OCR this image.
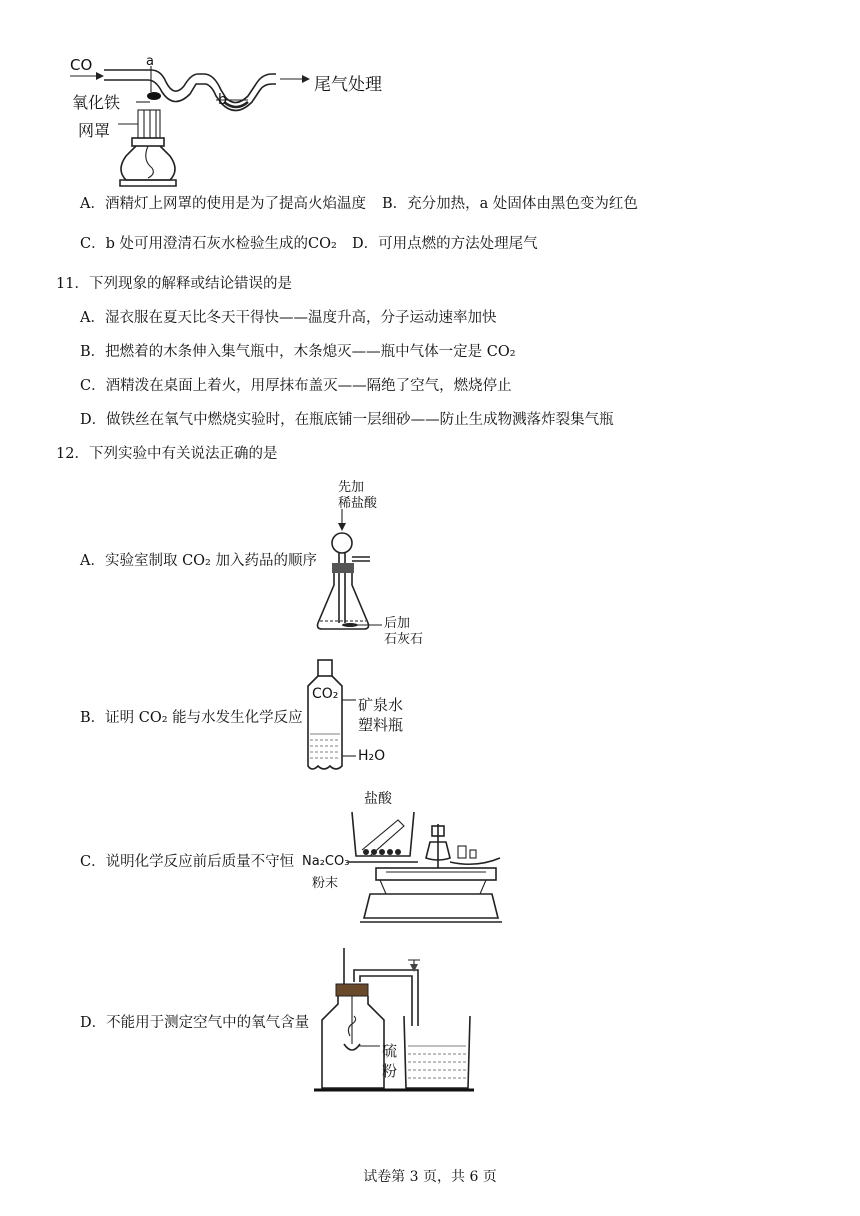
CO	a
b
尾气处理
氧化铁
网罩
A．酒精灯上网罩的使用是为了提高火焰温度 B．充分加热，a 处固体由黑色变为红色
C．b 处可用澄清石灰水检验生成的CO₂ D．可用点燃的方法处理尾气
11．下列现象的解释或结论错误的是
A．湿衣服在夏天比冬天干得快——温度升高，分子运动速率加快
B．把燃着的木条伸入集气瓶中，木条熄灭——瓶中气体一定是 CO₂
C．酒精泼在桌面上着火，用厚抹布盖灭——隔绝了空气，燃烧停止
D．做铁丝在氧气中燃烧实验时，在瓶底铺一层细砂——防止生成物溅落炸裂集气瓶
12．下列实验中有关说法正确的是
A．实验室制取 CO₂ 加入药品的顺序
先加
稀盐酸
后加
石灰石
B．证明 CO₂ 能与水发生化学反应
CO₂
矿泉水
塑料瓶
H₂O
C．说明化学反应前后质量不守恒
盐酸
Na₂CO₃
粉末
D．不能用于测定空气中的氧气含量
硫
粉
试卷第 3 页，共 6 页
